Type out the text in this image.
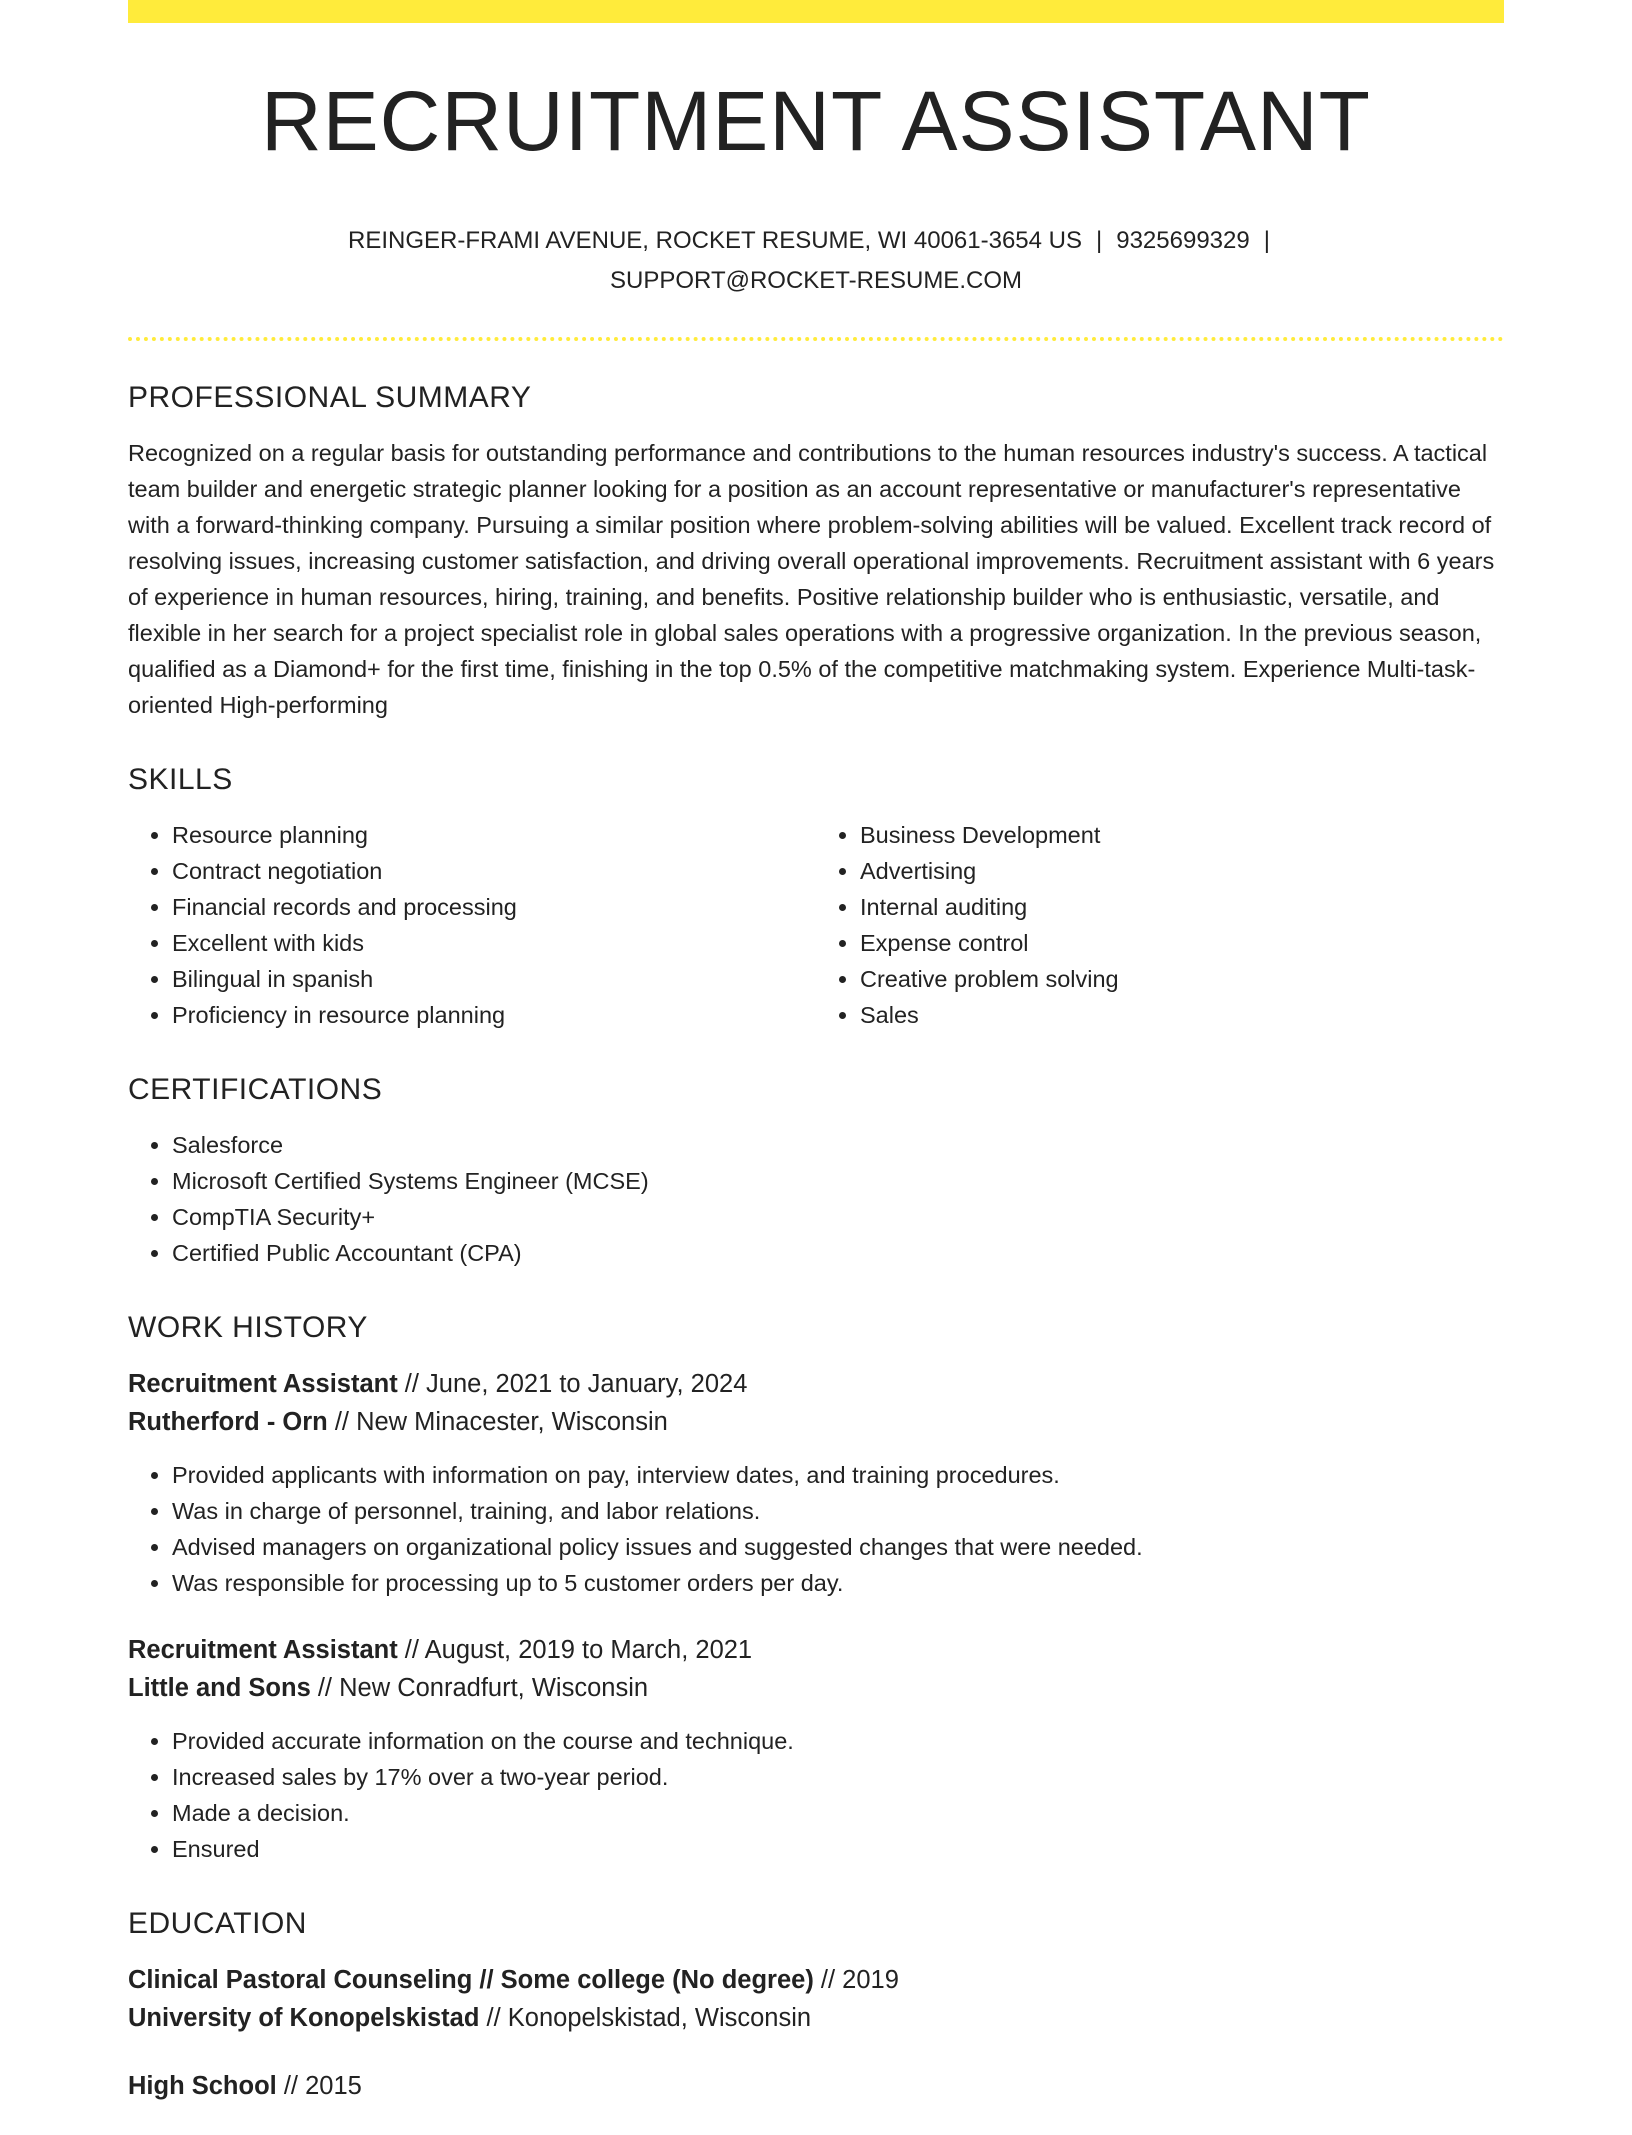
RECRUITMENT ASSISTANT
REINGER-FRAMI AVENUE, ROCKET RESUME, WI 40061-3654 US | 9325699329 |
SUPPORT@ROCKET-RESUME.COM
PROFESSIONAL SUMMARY

Recognized on a regular basis for outstanding performance and contributions to the human resources industry's success. A tactical team builder and energetic strategic planner looking for a position as an account representative or manufacturer's representative with a forward-thinking company. Pursuing a similar position where problem-solving abilities will be valued. Excellent track record of resolving issues, increasing customer satisfaction, and driving overall operational improvements. Recruitment assistant with 6 years of experience in human resources, hiring, training, and benefits. Positive relationship builder who is enthusiastic, versatile, and flexible in her search for a project specialist role in global sales operations with a progressive organization. In the previous season, qualified as a Diamond+ for the first time, finishing in the top 0.5% of the competitive matchmaking system. Experience Multi-task-oriented High-performing

SKILLS
• Resource planning
• Contract negotiation
• Financial records and processing
• Excellent with kids
• Bilingual in spanish
• Proficiency in resource planning
• Business Development
• Advertising
• Internal auditing
• Expense control
• Creative problem solving
• Sales
CERTIFICATIONS
• Salesforce
• Microsoft Certified Systems Engineer (MCSE)
• CompTIA Security+
• Certified Public Accountant (CPA)
WORK HISTORY
Recruitment Assistant // June, 2021 to January, 2024
Rutherford - Orn // New Minacester, Wisconsin
• Provided applicants with information on pay, interview dates, and training procedures.
• Was in charge of personnel, training, and labor relations.
• Advised managers on organizational policy issues and suggested changes that were needed.
• Was responsible for processing up to 5 customer orders per day.
Recruitment Assistant // August, 2019 to March, 2021
Little and Sons // New Conradfurt, Wisconsin
• Provided accurate information on the course and technique.
• Increased sales by 17% over a two-year period.
• Made a decision.
• Ensured
EDUCATION
Clinical Pastoral Counseling // Some college (No degree) // 2019
University of Konopelskistad // Konopelskistad, Wisconsin
High School // 2015
